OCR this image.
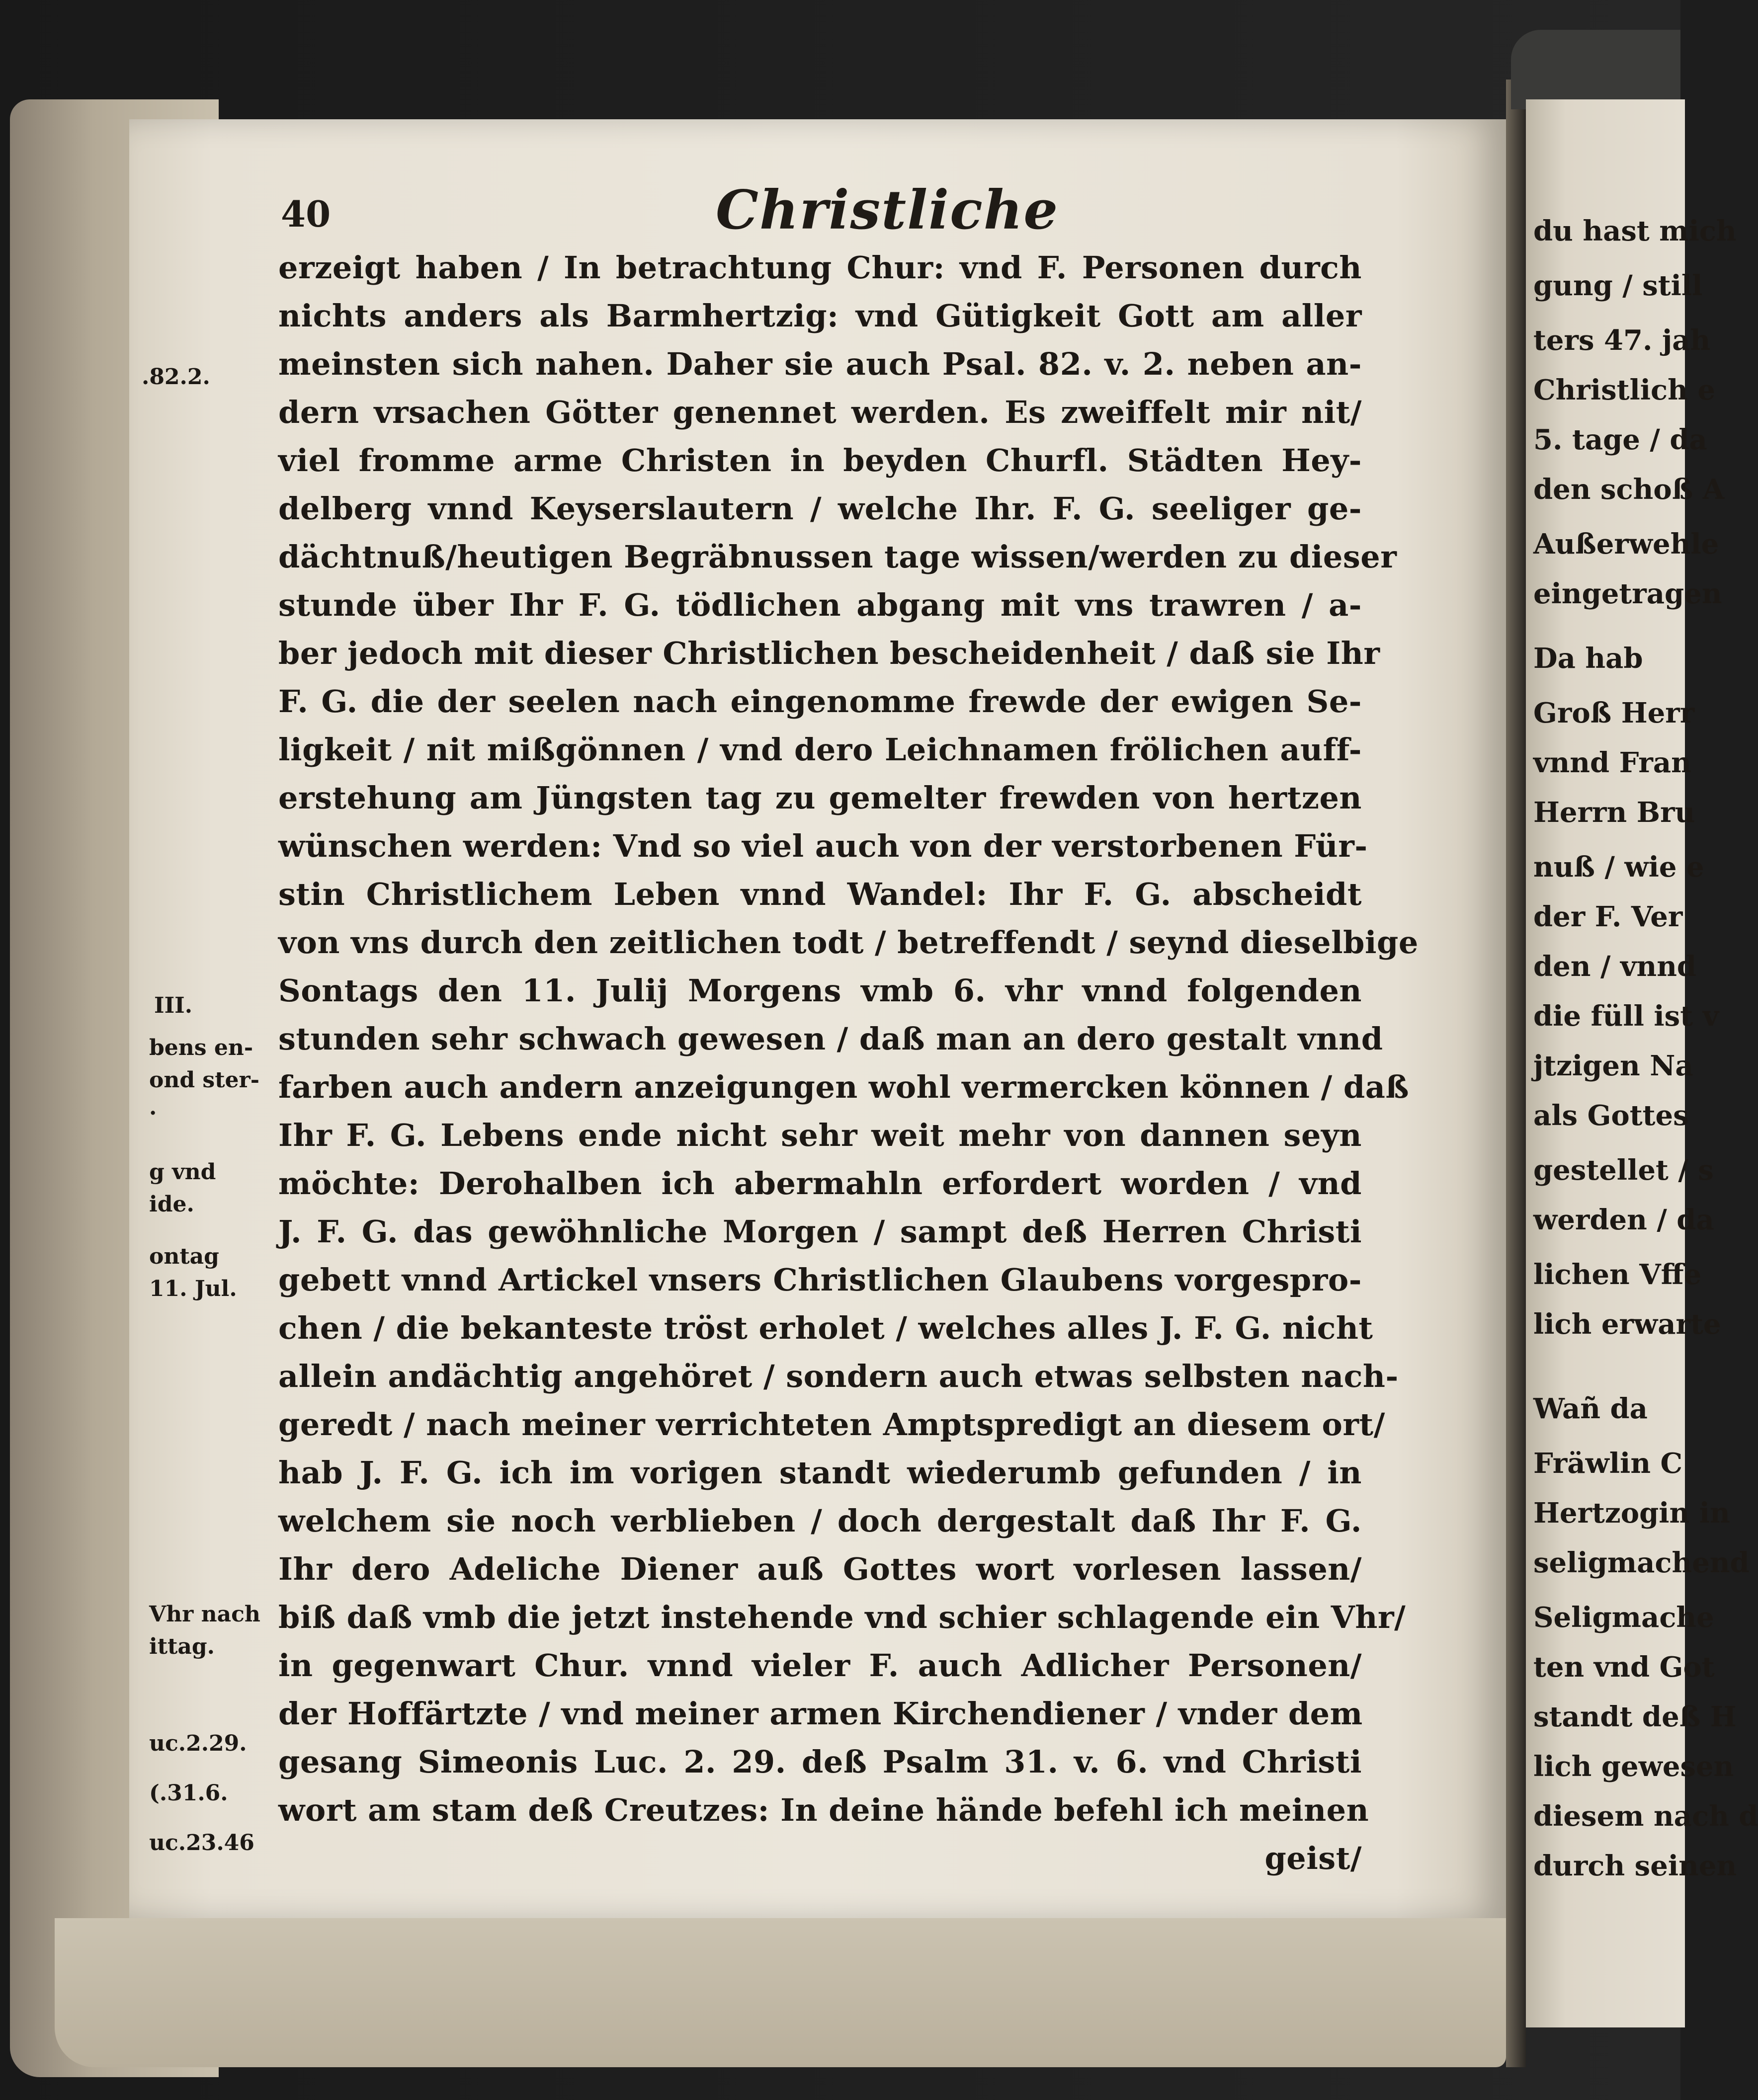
40	Christliche
erzeigt haben / In betrachtung Chur: vnd F. Personen durch
nichts anders als Barmhertzig: vnd Gütigkeit Gott am aller
meinsten sich nahen. Daher sie auch Psal. 82. v. 2. neben an-
dern vrsachen Götter genennet werden. Es zweiffelt mir nit/
viel fromme arme Christen in beyden Churfl. Städten Hey-
delberg vnnd Keyserslautern / welche Ihr. F. G. seeliger ge-
dächtnuß/heutigen Begräbnussen tage wissen/werden zu dieser
stunde über Ihr F. G. tödlichen abgang mit vns trawren / a-
ber jedoch mit dieser Christlichen bescheidenheit / daß sie Ihr
F. G. die der seelen nach eingenomme frewde der ewigen Se-
ligkeit / nit mißgönnen / vnd dero Leichnamen frölichen auff-
erstehung am Jüngsten tag zu gemelter frewden von hertzen
wünschen werden: Vnd so viel auch von der verstorbenen Für-
stin Christlichem Leben vnnd Wandel: Ihr F. G. abscheidt
von vns durch den zeitlichen todt / betreffendt / seynd dieselbige
Sontags den 11. Julij Morgens vmb 6. vhr vnnd folgenden
stunden sehr schwach gewesen / daß man an dero gestalt vnnd
farben auch andern anzeigungen wohl vermercken können / daß
Ihr F. G. Lebens ende nicht sehr weit mehr von dannen seyn
möchte: Derohalben ich abermahln erfordert worden / vnd
J. F. G. das gewöhnliche Morgen / sampt deß Herren Christi
gebett vnnd Artickel vnsers Christlichen Glaubens vorgespro-
chen / die bekanteste tröst erholet / welches alles J. F. G. nicht
allein andächtig angehöret / sondern auch etwas selbsten nach-
geredt / nach meiner verrichteten Amptspredigt an diesem ort/
hab J. F. G. ich im vorigen standt wiederumb gefunden / in
welchem sie noch verblieben / doch dergestalt daß Ihr F. G.
Ihr dero Adeliche Diener auß Gottes wort vorlesen lassen/
biß daß vmb die jetzt instehende vnd schier schlagende ein Vhr/
in gegenwart Chur. vnnd vieler F. auch Adlicher Personen/
der Hoffärtzte / vnd meiner armen Kirchendiener / vnder dem
gesang Simeonis Luc. 2. 29. deß Psalm 31. v. 6. vnd Christi
wort am stam deß Creutzes: In deine hände befehl ich meinen
geist/
.82.2.
III.
bens en-
ond ster-
.
g vnd
ide.
ontag
11. Jul.
Vhr nach
ittag.
uc.2.29.
(.31.6.
uc.23.46
du hast mich
gung / still
ters 47. jah
Christlich e
5. tage / da
den schoß A
Außerwehle
eingetragen
Da hab
Groß Herr
vnnd Fran
Herrn Bru
nuß / wie e
der F. Ver
den / vnnd
die füll ist v
jtzigen Na
als Gottes
gestellet / s
werden / da
lichen Vffe
lich erwarte
Wañ da
Fräwlin C
Hertzogin in
seligmachend
Seligmache
ten vnd Got
standt deß H
lich gewesen
diesem nach d
durch seinen
